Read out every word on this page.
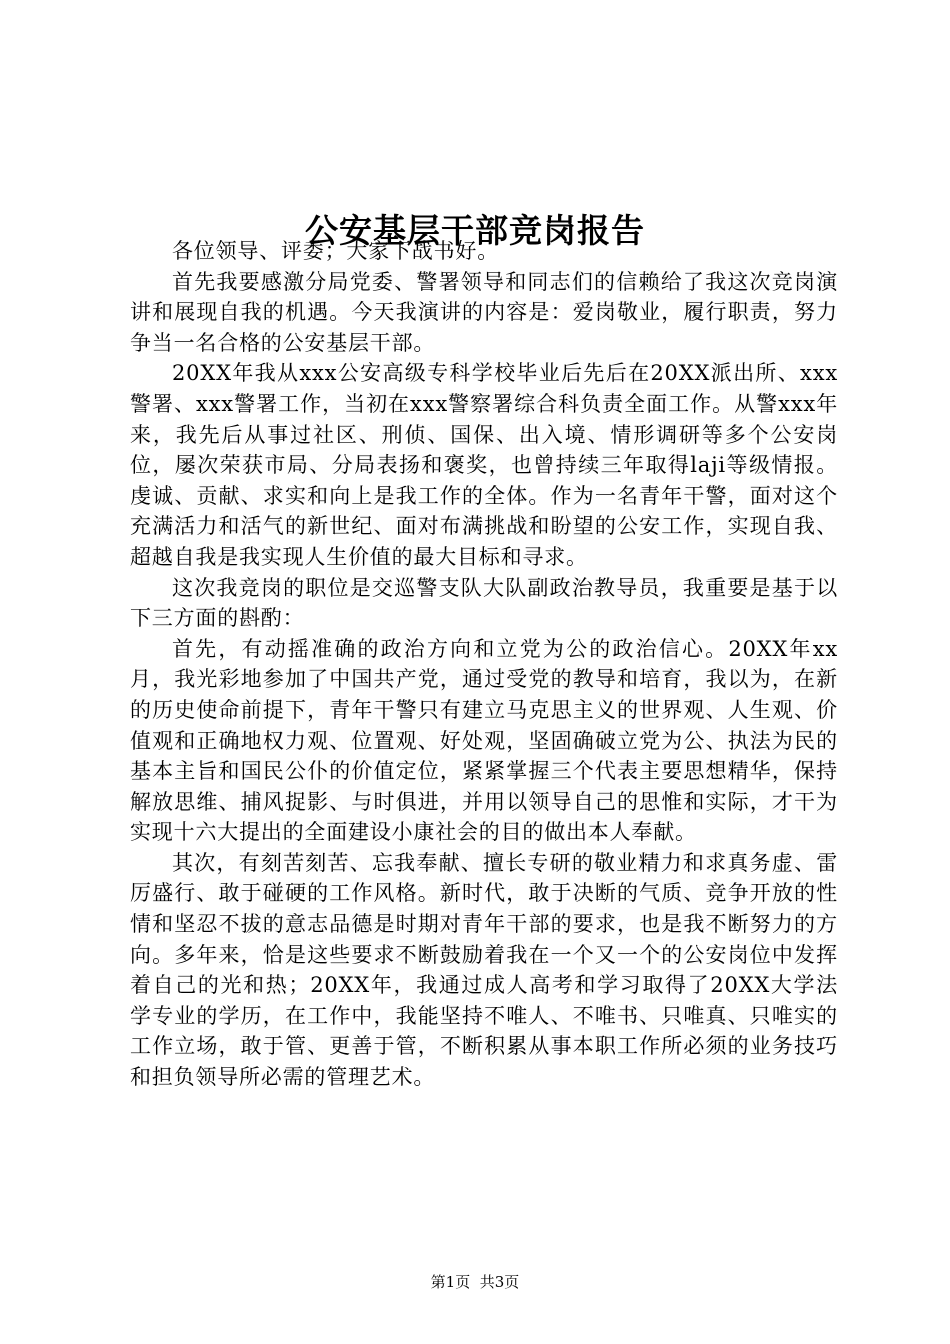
公安基层干部竞岗报告

各位领导、评委；大家下战书好。

首先我要感激分局党委、警署领导和同志们的信赖给了我这次竞岗演讲和展现自我的机遇。今天我演讲的内容是：爱岗敬业，履行职责，努力争当一名合格的公安基层干部。

20XX年我从xxx公安高级专科学校毕业后先后在20XX派出所、xxx警署、xxx警署工作，当初在xxx警察署综合科负责全面工作。从警xxx年来，我先后从事过社区、刑侦、国保、出入境、情形调研等多个公安岗位，屡次荣获市局、分局表扬和褒奖，也曾持续三年取得laji等级情报。虔诚、贡献、求实和向上是我工作的全体。作为一名青年干警，面对这个充满活力和活气的新世纪、面对布满挑战和盼望的公安工作，实现自我、超越自我是我实现人生价值的最大目标和寻求。

这次我竞岗的职位是交巡警支队大队副政治教导员，我重要是基于以下三方面的斟酌：

首先，有动摇准确的政治方向和立党为公的政治信心。20XX年xx月，我光彩地参加了中国共产党，通过受党的教导和培育，我以为，在新的历史使命前提下，青年干警只有建立马克思主义的世界观、人生观、价值观和正确地权力观、位置观、好处观，坚固确破立党为公、执法为民的基本主旨和国民公仆的价值定位，紧紧掌握三个代表主要思想精华，保持解放思维、捕风捉影、与时俱进，并用以领导自己的思惟和实际，才干为实现十六大提出的全面建设小康社会的目的做出本人奉献。

其次，有刻苦刻苦、忘我奉献、擅长专研的敬业精力和求真务虚、雷厉盛行、敢于碰硬的工作风格。新时代，敢于决断的气质、竞争开放的性情和坚忍不拔的意志品德是时期对青年干部的要求，也是我不断努力的方向。多年来，恰是这些要求不断鼓励着我在一个又一个的公安岗位中发挥着自己的光和热；20XX年，我通过成人高考和学习取得了20XX大学法学专业的学历，在工作中，我能坚持不唯人、不唯书、只唯真、只唯实的工作立场，敢于管、更善于管，不断积累从事本职工作所必须的业务技巧和担负领导所必需的管理艺术。

第1页 共3页
